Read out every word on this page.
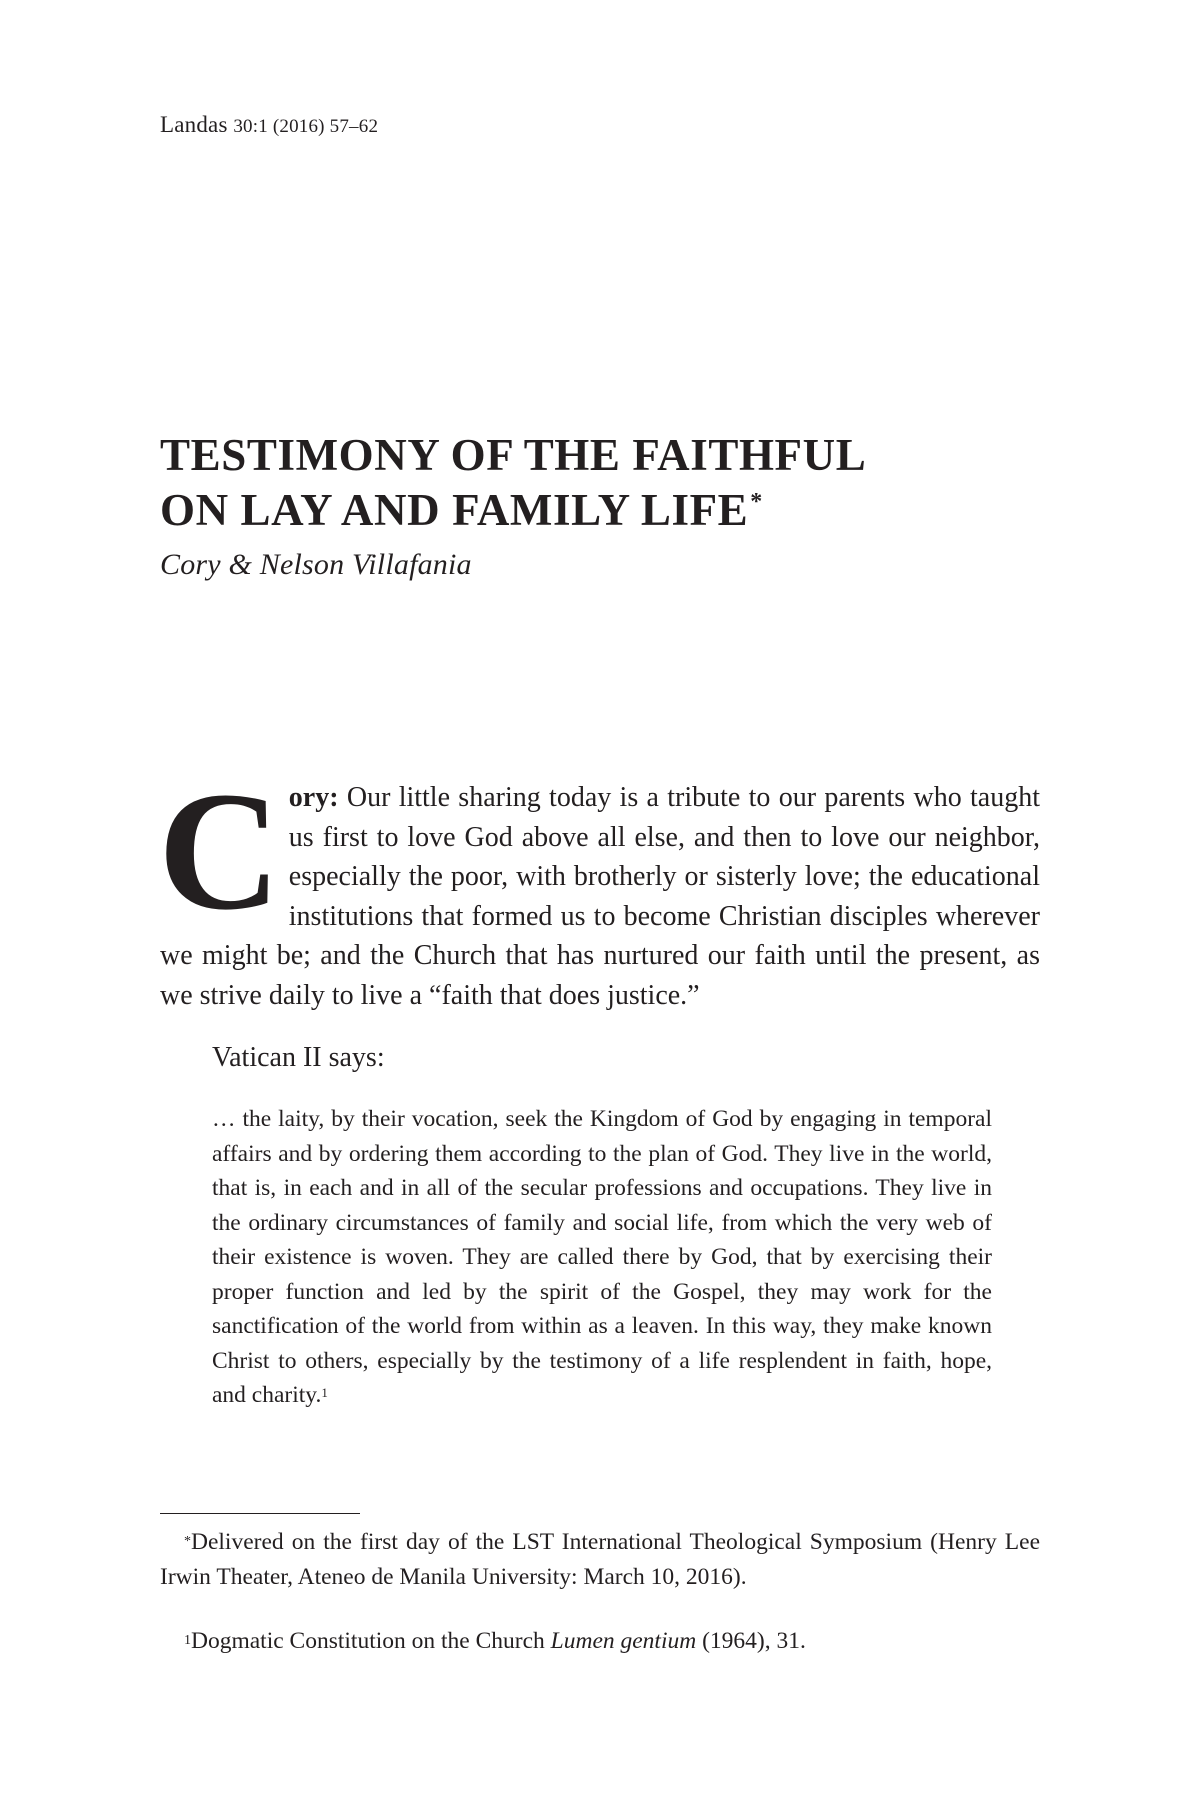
Landas 30:1 (2016) 57–62
TESTIMONY OF THE FAITHFUL
ON LAY AND FAMILY LIFE*
Cory & Nelson Villafania
C ory: Our little sharing today is a tribute to our parents who taught us first to love God above all else, and then to love our neighbor, especially the poor, with brotherly or sisterly love; the educational institutions that formed us to become Christian disciples wherever we might be; and the Church that has nurtured our faith until the present, as we strive daily to live a “faith that does justice.”

Vatican II says:

… the laity, by their vocation, seek the Kingdom of God by engaging in temporal affairs and by ordering them according to the plan of God. They live in the world, that is, in each and in all of the secular professions and occupations. They live in the ordinary circumstances of family and social life, from which the very web of their existence is woven. They are called there by God, that by exercising their proper function and led by the spirit of the Gospel, they may work for the sanctification of the world from within as a leaven. In this way, they make known Christ to others, especially by the testimony of a life resplendent in faith, hope, and charity.$^1$

*Delivered on the first day of the LST International Theological Symposium (Henry Lee Irwin Theater, Ateneo de Manila University: March 10, 2016).

$^1$Dogmatic Constitution on the Church Lumen gentium (1964), 31.
